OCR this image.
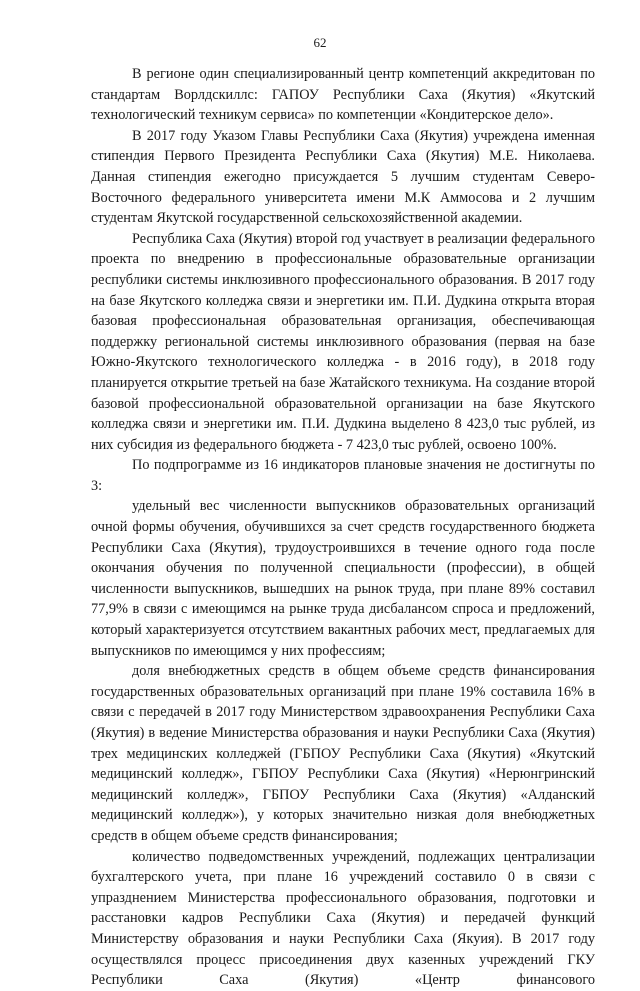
62

В регионе один специализированный центр компетенций аккредитован по стандартам Ворлдскиллс: ГАПОУ Республики Саха (Якутия) «Якутский технологический техникум сервиса» по компетенции «Кондитерское дело».

В 2017 году Указом Главы Республики Саха (Якутия) учреждена именная стипендия Первого Президента Республики Саха (Якутия) М.Е. Николаева. Данная стипендия ежегодно присуждается 5 лучшим студентам Северо-Восточного федерального университета имени М.К Аммосова и 2 лучшим студентам Якутской государственной сельскохозяйственной академии.

Республика Саха (Якутия) второй год участвует в реализации федерального проекта по внедрению в профессиональные образовательные организации республики системы инклюзивного профессионального образования. В 2017 году на базе Якутского колледжа связи и энергетики им. П.И. Дудкина открыта вторая базовая профессиональная образовательная организация, обеспечивающая поддержку региональной системы инклюзивного образования (первая на базе Южно-Якутского технологического колледжа - в 2016 году), в 2018 году планируется открытие третьей на базе Жатайского техникума. На создание второй базовой профессиональной образовательной организации на базе Якутского колледжа связи и энергетики им. П.И. Дудкина выделено 8 423,0 тыс рублей, из них субсидия из федерального бюджета - 7 423,0 тыс рублей, освоено 100%.

По подпрограмме из 16 индикаторов плановые значения не достигнуты по 3:

удельный вес численности выпускников образовательных организаций очной формы обучения, обучившихся за счет средств государственного бюджета Республики Саха (Якутия), трудоустроившихся в течение одного года после окончания обучения по полученной специальности (профессии), в общей численности выпускников, вышедших на рынок труда, при плане 89% составил 77,9% в связи с имеющимся на рынке труда дисбалансом спроса и предложений, который характеризуется отсутствием вакантных рабочих мест, предлагаемых для выпускников по имеющимся у них профессиям;

доля внебюджетных средств в общем объеме средств финансирования государственных образовательных организаций при плане 19% составила 16% в связи с передачей в 2017 году Министерством здравоохранения Республики Саха (Якутия) в ведение Министерства образования и науки Республики Саха (Якутия) трех медицинских колледжей (ГБПОУ Республики Саха (Якутия) «Якутский медицинский колледж», ГБПОУ Республики Саха (Якутия) «Нерюнгринский медицинский колледж», ГБПОУ Республики Саха (Якутия) «Алданский медицинский колледж»), у которых значительно низкая доля внебюджетных средств в общем объеме средств финансирования;

количество подведомственных учреждений, подлежащих централизации бухгалтерского учета, при плане 16 учреждений составило 0 в связи с упразднением Министерства профессионального образования, подготовки и расстановки кадров Республики Саха (Якутия) и передачей функций Министерству образования и науки Республики Саха (Якуия). В 2017 году осуществлялся процесс присоединения двух казенных учреждений ГКУ Республики Саха (Якутия) «Центр финансового
